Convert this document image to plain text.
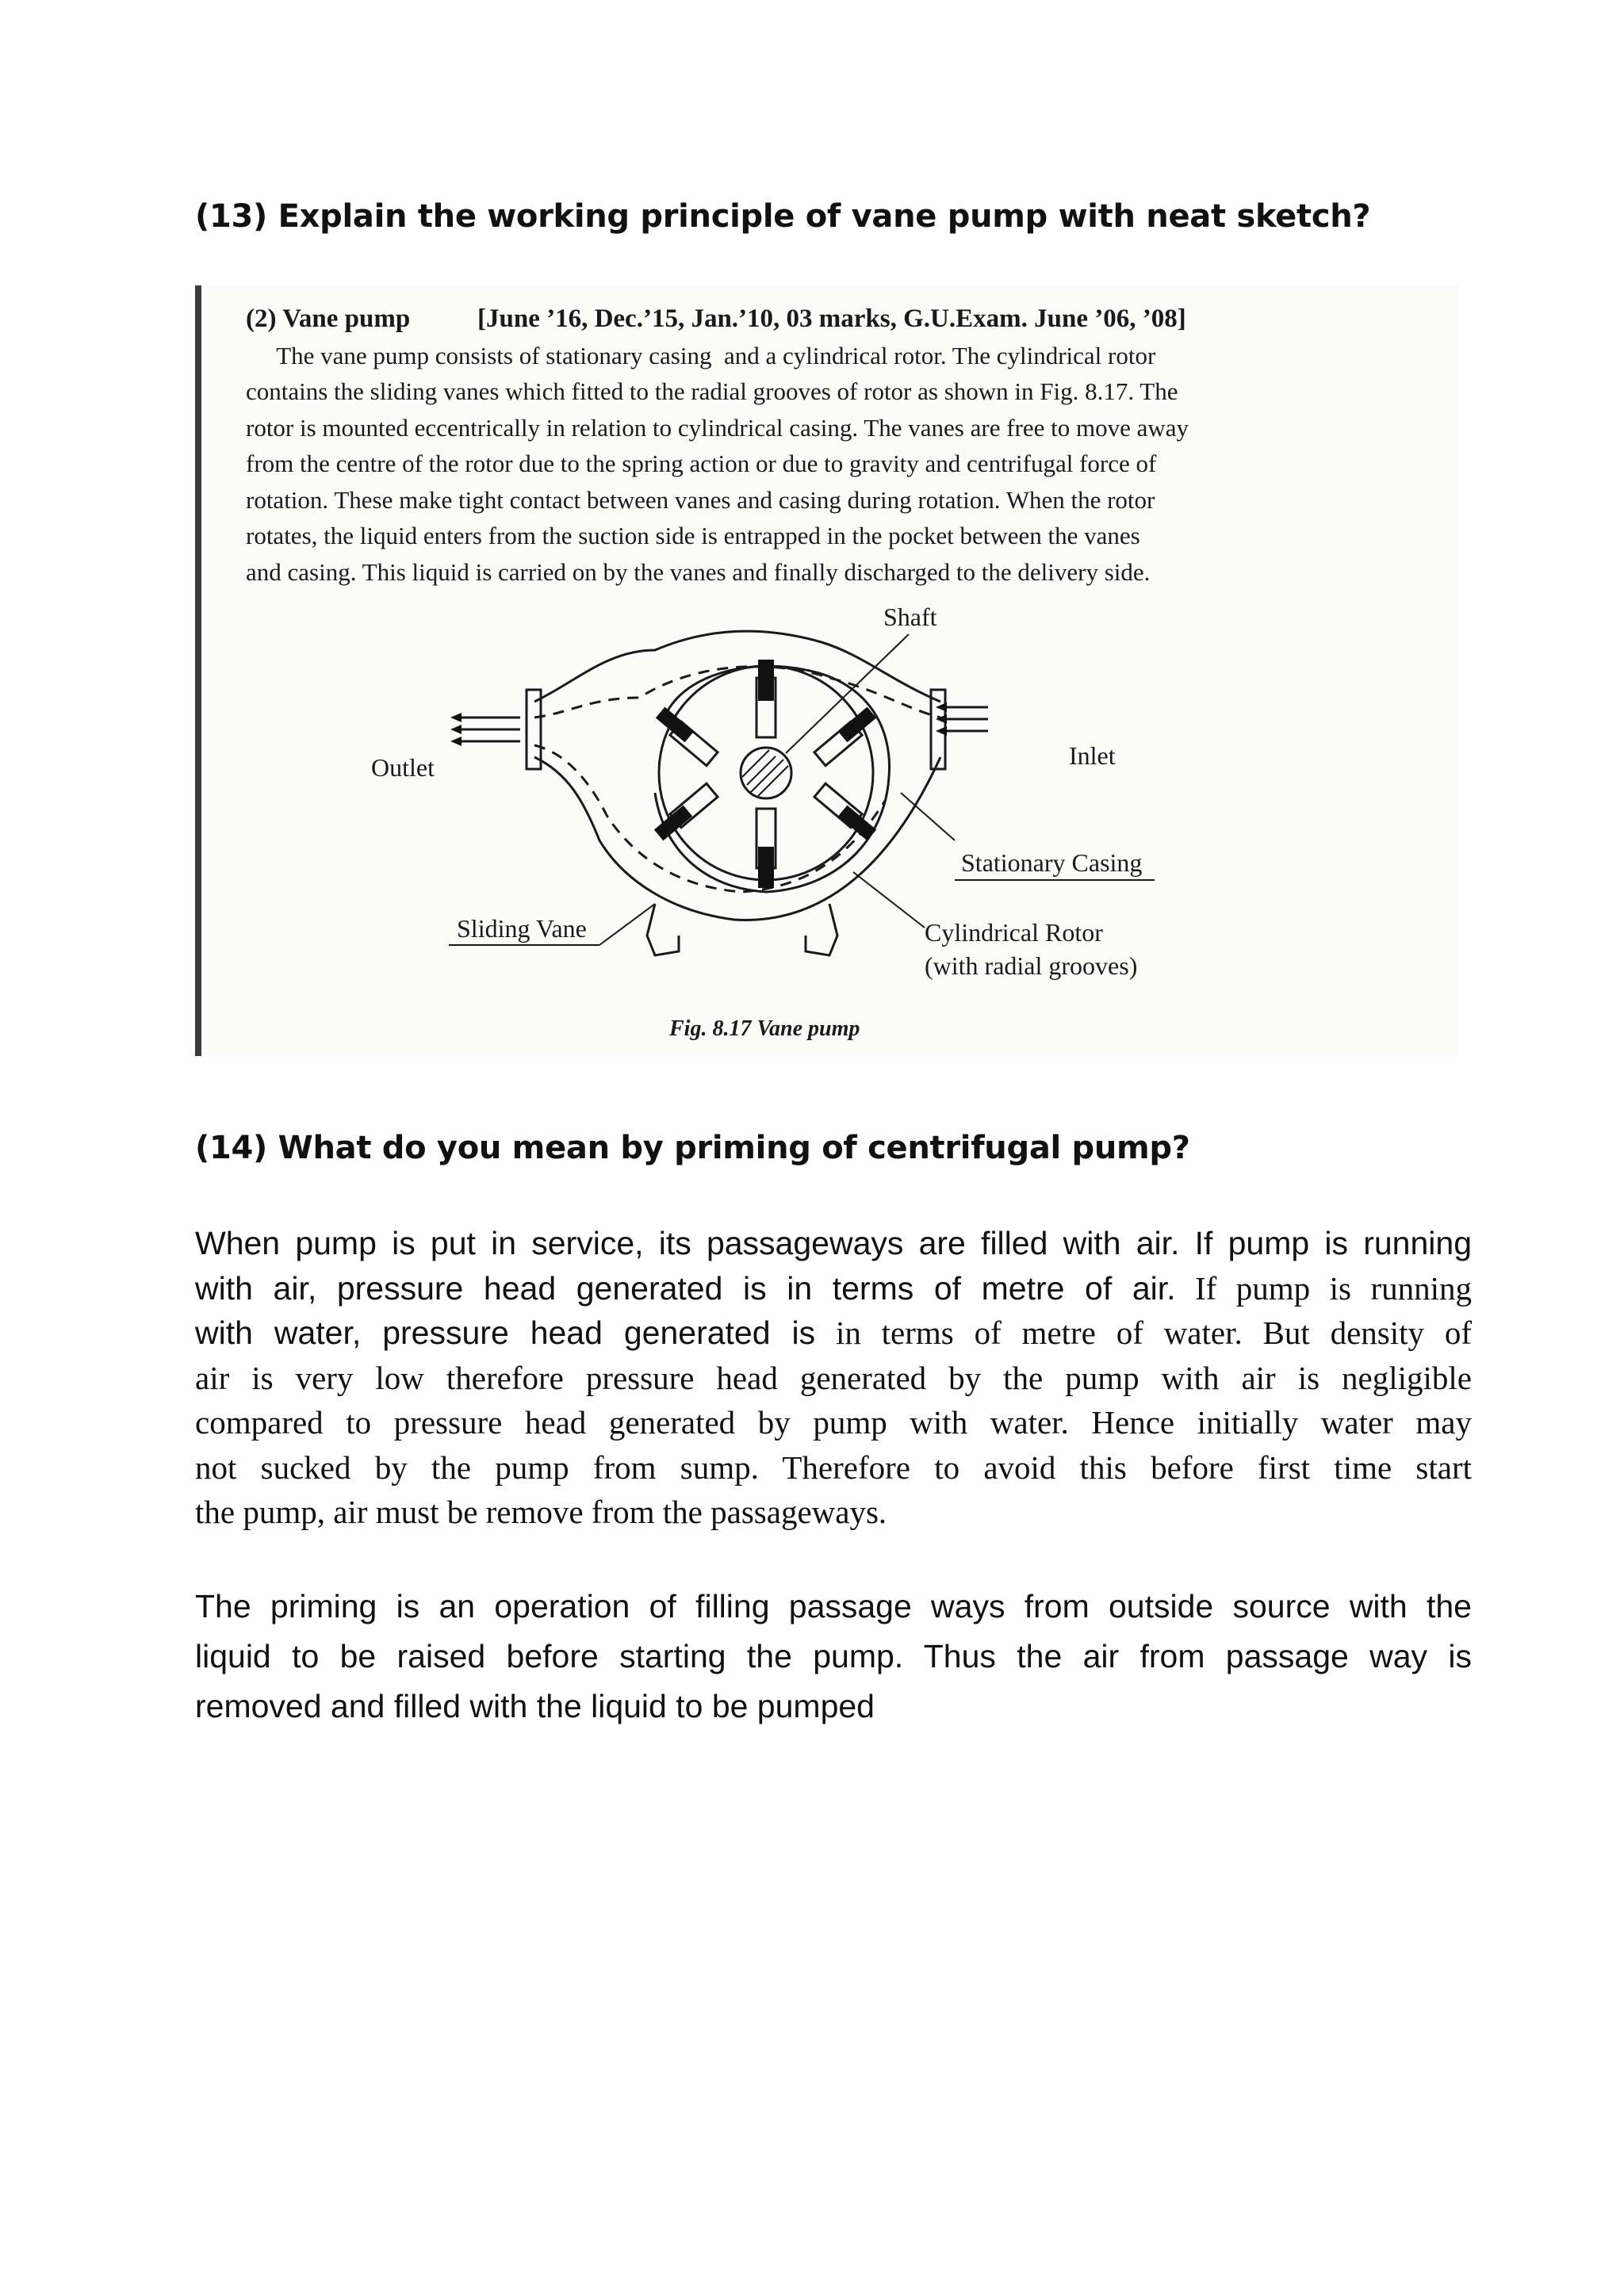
(13) Explain the working principle of vane pump with neat sketch?

(2) Vane pump	[June ’16, Dec.’15, Jan.’10, 03 marks, G.U.Exam. June ’06, ’08]

The vane pump consists of stationary casing  and a cylindrical rotor. The cylindrical rotor

contains the sliding vanes which fitted to the radial grooves of rotor as shown in Fig. 8.17. The

rotor is mounted eccentrically in relation to cylindrical casing. The vanes are free to move away

from the centre of the rotor due to the spring action or due to gravity and centrifugal force of

rotation. These make tight contact between vanes and casing during rotation. When the rotor

rotates, the liquid enters from the suction side is entrapped in the pocket between the vanes

and casing. This liquid is carried on by the vanes and finally discharged to the delivery side.

Shaft
Outlet	Inlet
Stationary Casing
Sliding Vane	Cylindrical Rotor
(with radial grooves)
Fig. 8.17 Vane pump
(14) What do you mean by priming of centrifugal pump?
When pump is put in service, its passageways are filled with air. If pump is running
with air, pressure head generated is in terms of metre of air. If pump is running
with water, pressure head generated is in terms of metre of water. But density of
air is very low therefore pressure head generated by the pump with air is negligible
compared to pressure head generated by pump with water. Hence initially water may
not sucked by the pump from sump. Therefore to avoid this before first time start
the pump, air must be remove from the passageways.
The priming is an operation of filling passage ways from outside source with the
liquid to be raised before starting the pump. Thus the air from passage way is
removed and filled with the liquid to be pumped
